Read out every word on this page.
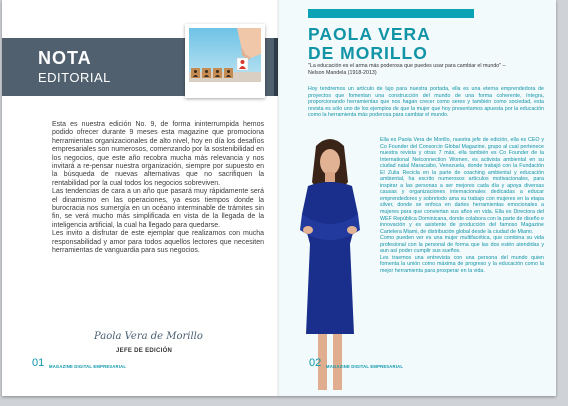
NOTA
EDITORIAL

Esta es nuestra edición No. 9, de forma ininterrumpida hemos podido ofrecer durante 9 meses esta magazine que promociona herramientas organizacionales de alto nivel, hoy en día los desafíos empresariales son numerosos, comenzando por la sostenibilidad en los negocios, que este año recobra mucha más relevancia y nos invitará a re-pensar nuestra organización, siempre por supuesto en la búsqueda de nuevas alternativas que no sacrifiquen la rentabilidad por la cual todos los negocios sobreviven.

Las tendencias de cara a un año que pasará muy rápidamente será el dinamismo en las operaciones, ya esos tiempos donde la burocracia nos sumergía en un océano interminable de trámites sin fin, se verá mucho más simplificada en vista de la llegada de la inteligencia artificial, la cual ha llegado para quedarse.

Les invito a disfrutar de este ejemplar que realizamos con mucha responsabilidad y amor para todos aquellos lectores que necesiten herramientas de vanguardia para sus negocios.

Paola Vera de Morillo
JEFE DE EDICIÓN
01 MAGAZINE DIGITAL EMPRESARIAL
PAOLA VERA
DE MORILLO

"La educación es el arma más poderosa que puedes usar para cambiar el mundo" –

Nelson Mandela (1918-2013)

Hoy tendremos un artículo de lujo para nuestra portada, ella es una eterna emprendedora de proyectos que fomentan una construcción del mundo de una forma coherente, íntegra, proporcionando herramientas que nos hagan crecer como seres y también como sociedad, esta revista es sólo uno de los ejemplos de que la mujer que hoy presentamos apuesta por la educación como la herramienta más poderosa para cambiar el mundo.

Ella es Paola Vera de Morillo, nuestra jefe de edición, ella es CEO y Co Founder del Consorcio Global Magazine, grupo al cual pertenece nuestra revista y otras 7 más, ella también es Co Founder de la International Netconnection Women, es activista ambiental en su ciudad natal Maracaibo, Venezuela, donde trabajó con la Fundación El Zulia Recicla en la parte de coaching ambiental y educación ambiental, ha escrito numerosos artículos motivacionales, para inspirar a las personas a ser mejores cada día y apoya diversas causas y organizaciones internacionales dedicadas a educar emprendedores y sobretodo ama su trabajo con mujeres en la etapa silver, donde se enfoca en darles herramientas emocionales a mujeres para que conviertan sus años en vida. Ella es Directora del WEF República Dominicana, donde colabora con la parte de diseño e innovación y es asistente de producción del famoso Magazine Cartelera Miami, de distribución global desde la ciudad de Miami.

Como pueden ver es una mujer multifacética, que combina su vida profesional con la personal de forma que las dos estén atendidas y aun así poder cumplir sus sueños.

Les traemos una entrevista con una persona del mundo quien fomenta la unión como máxima de progreso y la educación como la mejor herramienta para prosperar en la vida.

02 MAGAZINE DIGITAL EMPRESARIAL
